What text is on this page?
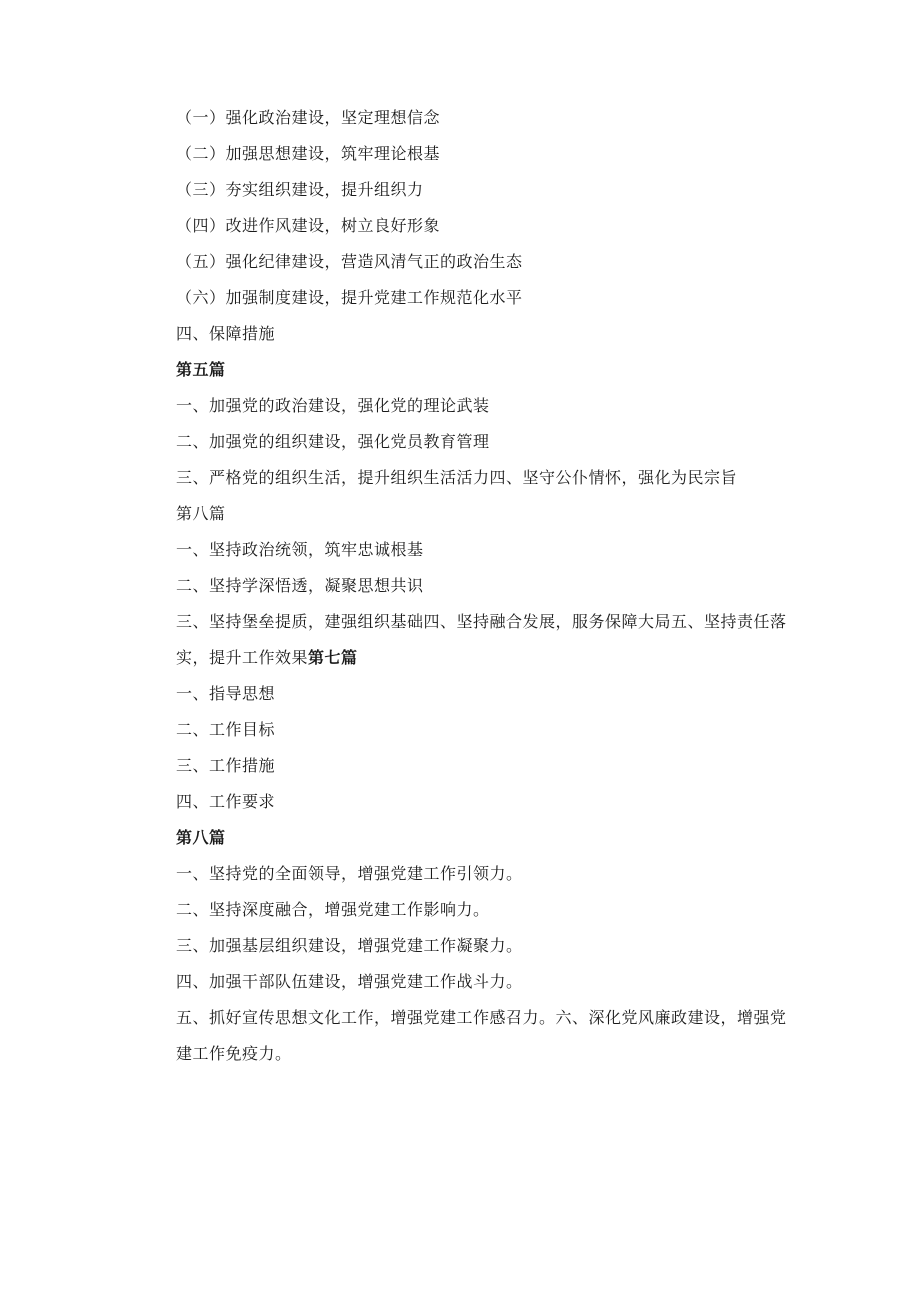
（一）强化政治建设，坚定理想信念
（二）加强思想建设，筑牢理论根基
（三）夯实组织建设，提升组织力
（四）改进作风建设，树立良好形象
（五）强化纪律建设，营造风清气正的政治生态
（六）加强制度建设，提升党建工作规范化水平
四、保障措施
第五篇
一、加强党的政治建设，强化党的理论武装
二、加强党的组织建设，强化党员教育管理
三、严格党的组织生活，提升组织生活活力四、坚守公仆情怀，强化为民宗旨
第八篇
一、坚持政治统领，筑牢忠诚根基
二、坚持学深悟透，凝聚思想共识
三、坚持堡垒提质，建强组织基础四、坚持融合发展，服务保障大局五、坚持责任落实，提升工作效果第七篇
一、指导思想
二、工作目标
三、工作措施
四、工作要求
第八篇
一、坚持党的全面领导，增强党建工作引领力。
二、坚持深度融合，增强党建工作影响力。
三、加强基层组织建设，增强党建工作凝聚力。
四、加强干部队伍建设，增强党建工作战斗力。
五、抓好宣传思想文化工作，增强党建工作感召力。六、深化党风廉政建设，增强党建工作免疫力。
